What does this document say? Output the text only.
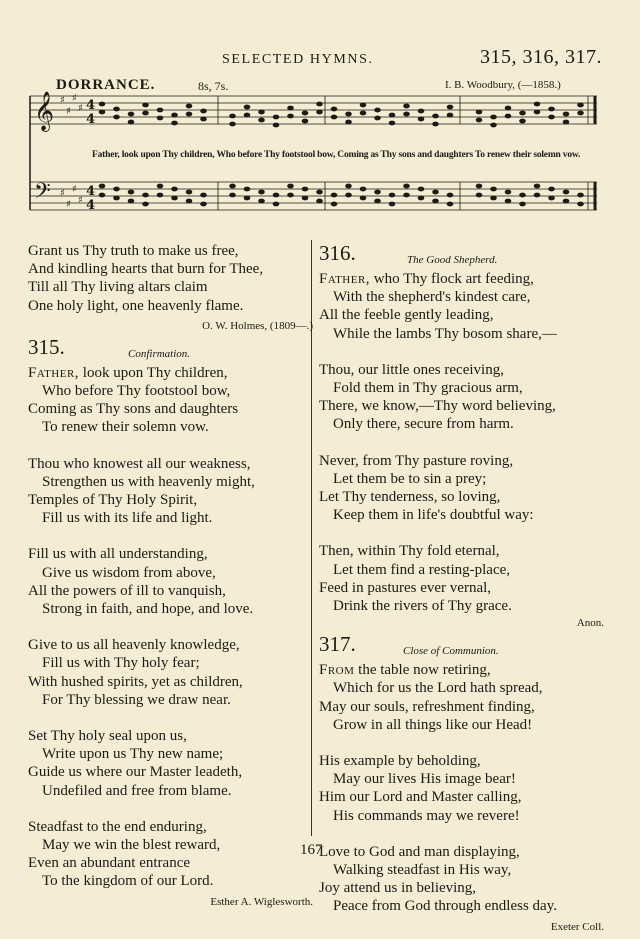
SELECTED HYMNS.	315, 316, 317.
DORRANCE.	8s, 7s.	I. B. Woodbury, (—1858.)
𝄞
𝄢
♯
♯
♯
♯
♯
♯
♯
♯
4
4
4
4
Father, look upon Thy children, Who before Thy footstool bow, Coming as Thy sons and daughters To renew their solemn vow.
Grant us Thy truth to make us free,
And kindling hearts that burn for Thee,
Till all Thy living altars claim
One holy light, one heavenly flame.
O. W. Holmes, (1809—.)
315.	Confirmation.
Father, look upon Thy children,
Who before Thy footstool bow,
Coming as Thy sons and daughters
To renew their solemn vow.
Thou who knowest all our weakness,
Strengthen us with heavenly might,
Temples of Thy Holy Spirit,
Fill us with its life and light.
Fill us with all understanding,
Give us wisdom from above,
All the powers of ill to vanquish,
Strong in faith, and hope, and love.
Give to us all heavenly knowledge,
Fill us with Thy holy fear;
With hushed spirits, yet as children,
For Thy blessing we draw near.
Set Thy holy seal upon us,
Write upon us Thy new name;
Guide us where our Master leadeth,
Undefiled and free from blame.
Steadfast to the end enduring,
May we win the blest reward,
Even an abundant entrance
To the kingdom of our Lord.
Esther A. Wiglesworth.
316.	The Good Shepherd.
Father, who Thy flock art feeding,
With the shepherd's kindest care,
All the feeble gently leading,
While the lambs Thy bosom share,—
Thou, our little ones receiving,
Fold them in Thy gracious arm,
There, we know,—Thy word believing,
Only there, secure from harm.
Never, from Thy pasture roving,
Let them be to sin a prey;
Let Thy tenderness, so loving,
Keep them in life's doubtful way:
Then, within Thy fold eternal,
Let them find a resting-place,
Feed in pastures ever vernal,
Drink the rivers of Thy grace.
Anon.
317.	Close of Communion.
From the table now retiring,
Which for us the Lord hath spread,
May our souls, refreshment finding,
Grow in all things like our Head!
His example by beholding,
May our lives His image bear!
Him our Lord and Master calling,
His commands may we revere!
Love to God and man displaying,
Walking steadfast in His way,
Joy attend us in believing,
Peace from God through endless day.
Exeter Coll.
167
